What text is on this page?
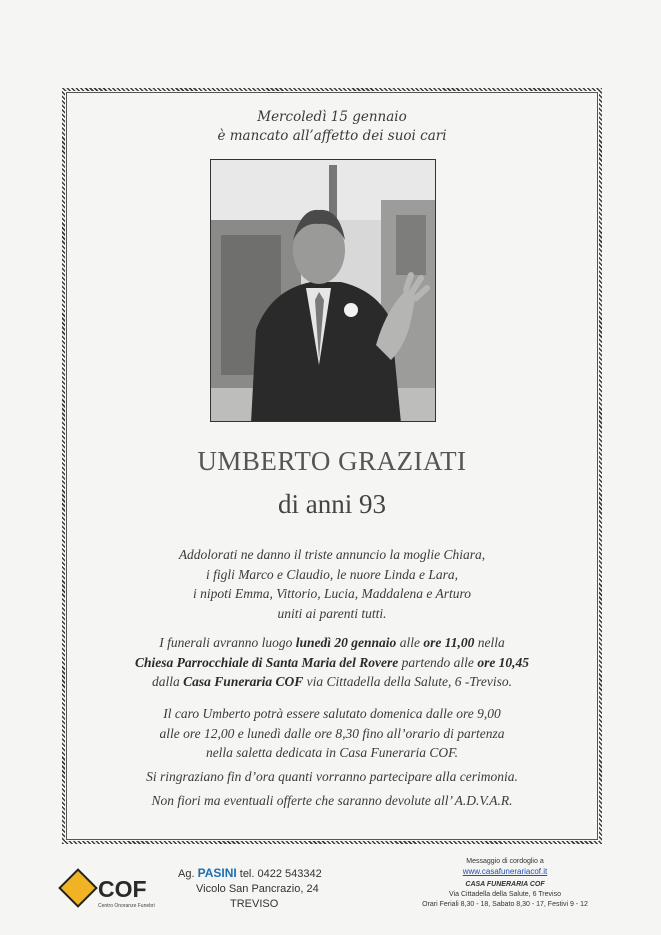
Mercoledì 15 gennaio
è mancato all’affetto dei suoi cari
UMBERTO GRAZIATI
di anni 93
Addolorati ne danno il triste annuncio la moglie Chiara,
i figli Marco e Claudio, le nuore Linda e Lara,
i nipoti Emma, Vittorio, Lucia, Maddalena e Arturo
uniti ai parenti tutti.
I funerali avranno luogo lunedì 20 gennaio alle ore 11,00 nella
Chiesa Parrocchiale di Santa Maria del Rovere partendo alle ore 10,45
dalla Casa Funeraria COF via Cittadella della Salute, 6 -Treviso.
Il caro Umberto potrà essere salutato domenica dalle ore 9,00
alle ore 12,00 e lunedì dalle ore 8,30 fino all’orario di partenza
nella saletta dedicata in Casa Funeraria COF.
Si ringraziano fin d’ora quanti vorranno partecipare alla cerimonia.
Non fiori ma eventuali offerte che saranno devolute all’ A.D.V.A.R.
COF
Centro Onoranze Funebri
Ag. PASINI tel. 0422 543342
Vicolo San Pancrazio, 24
TREVISO
Messaggio di cordoglio a
www.casafunerariacof.it
CASA FUNERARIA COF
Via Cittadella della Salute, 6 Treviso
Orari Feriali 8,30 - 18, Sabato 8,30 - 17, Festivi 9 - 12
